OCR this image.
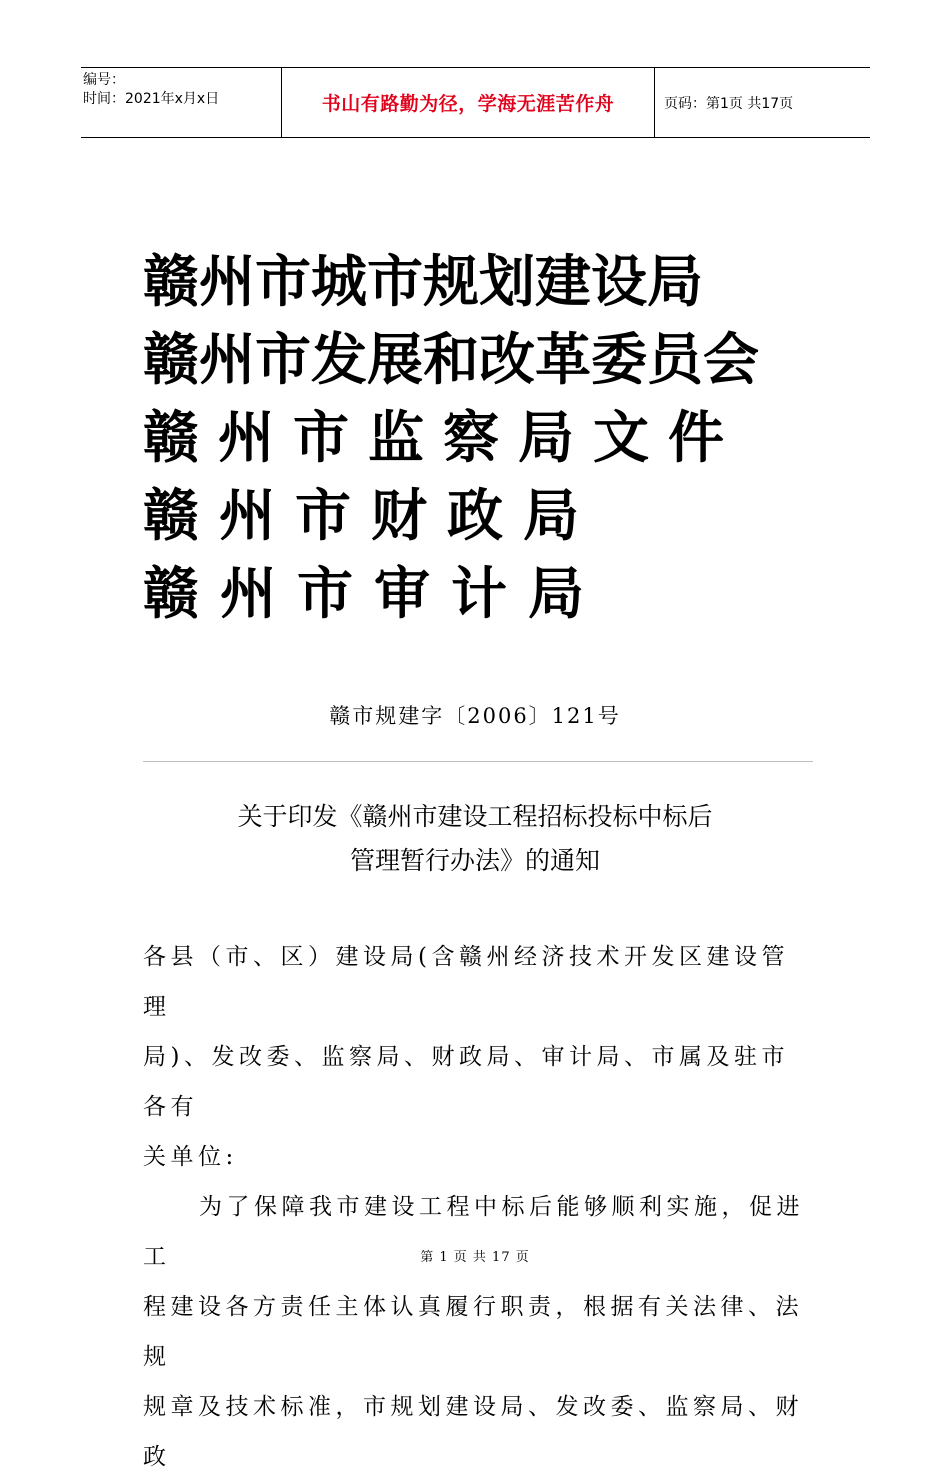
编号：
时间：2021年x月x日	书山有路勤为径，学海无涯苦作舟	页码：第1页 共17页
赣州市城市规划建设局
赣州市发展和改革委员会
赣州市监察局文件
赣州市财政局
赣州市审计局
赣市规建字〔2006〕121号
关于印发《赣州市建设工程招标投标中标后
管理暂行办法》的通知

各县（市、区）建设局(含赣州经济技术开发区建设管理

局)、发改委、监察局、财政局、审计局、市属及驻市各有

关单位:

为了保障我市建设工程中标后能够顺利实施，促进工

程建设各方责任主体认真履行职责，根据有关法律、法规

规章及技术标准，市规划建设局、发改委、监察局、财政

第 1 页 共 17 页
